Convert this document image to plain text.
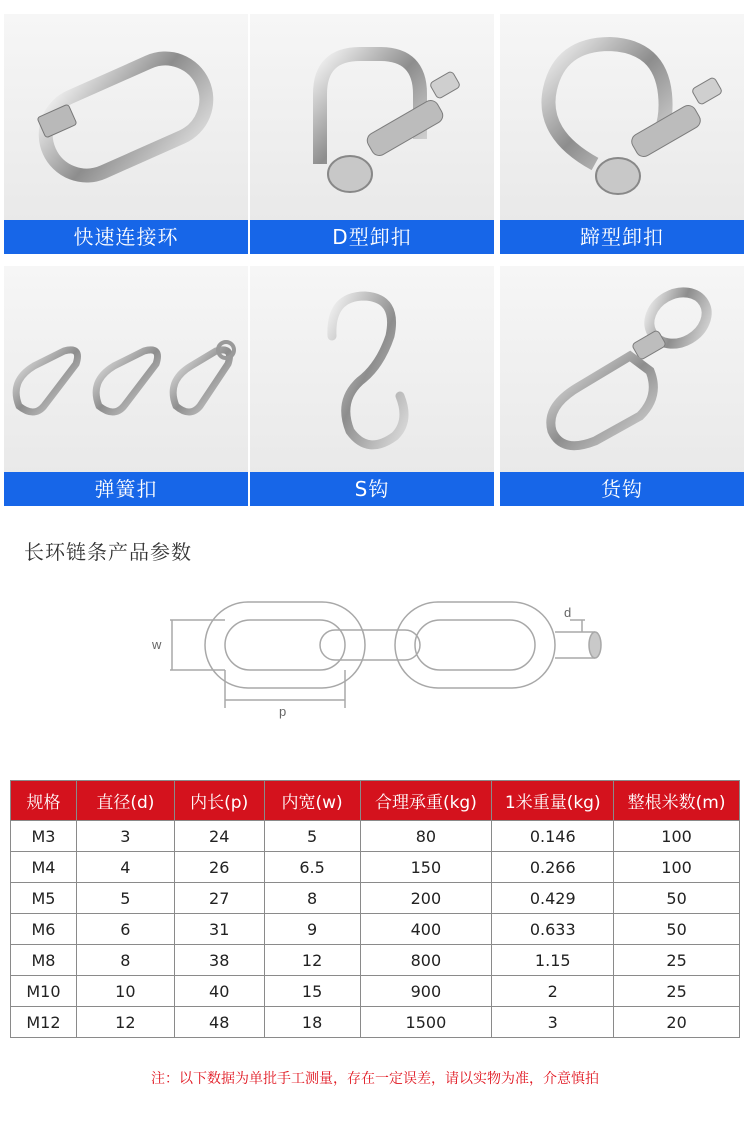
快速连接环	D型卸扣	蹄型卸扣
弹簧扣	S钩	货钩
长环链条产品参数
w
p
d
规格	直径(d)	内长(p)	内宽(w)	合理承重(kg)	1米重量(kg)	整根米数(m)
M3	3	24	5	80	0.146	100
M4	4	26	6.5	150	0.266	100
M5	5	27	8	200	0.429	50
M6	6	31	9	400	0.633	50
M8	8	38	12	800	1.15	25
M10	10	40	15	900	2	25
M12	12	48	18	1500	3	20
注：以下数据为单批手工测量，存在一定误差，请以实物为准，介意慎拍
